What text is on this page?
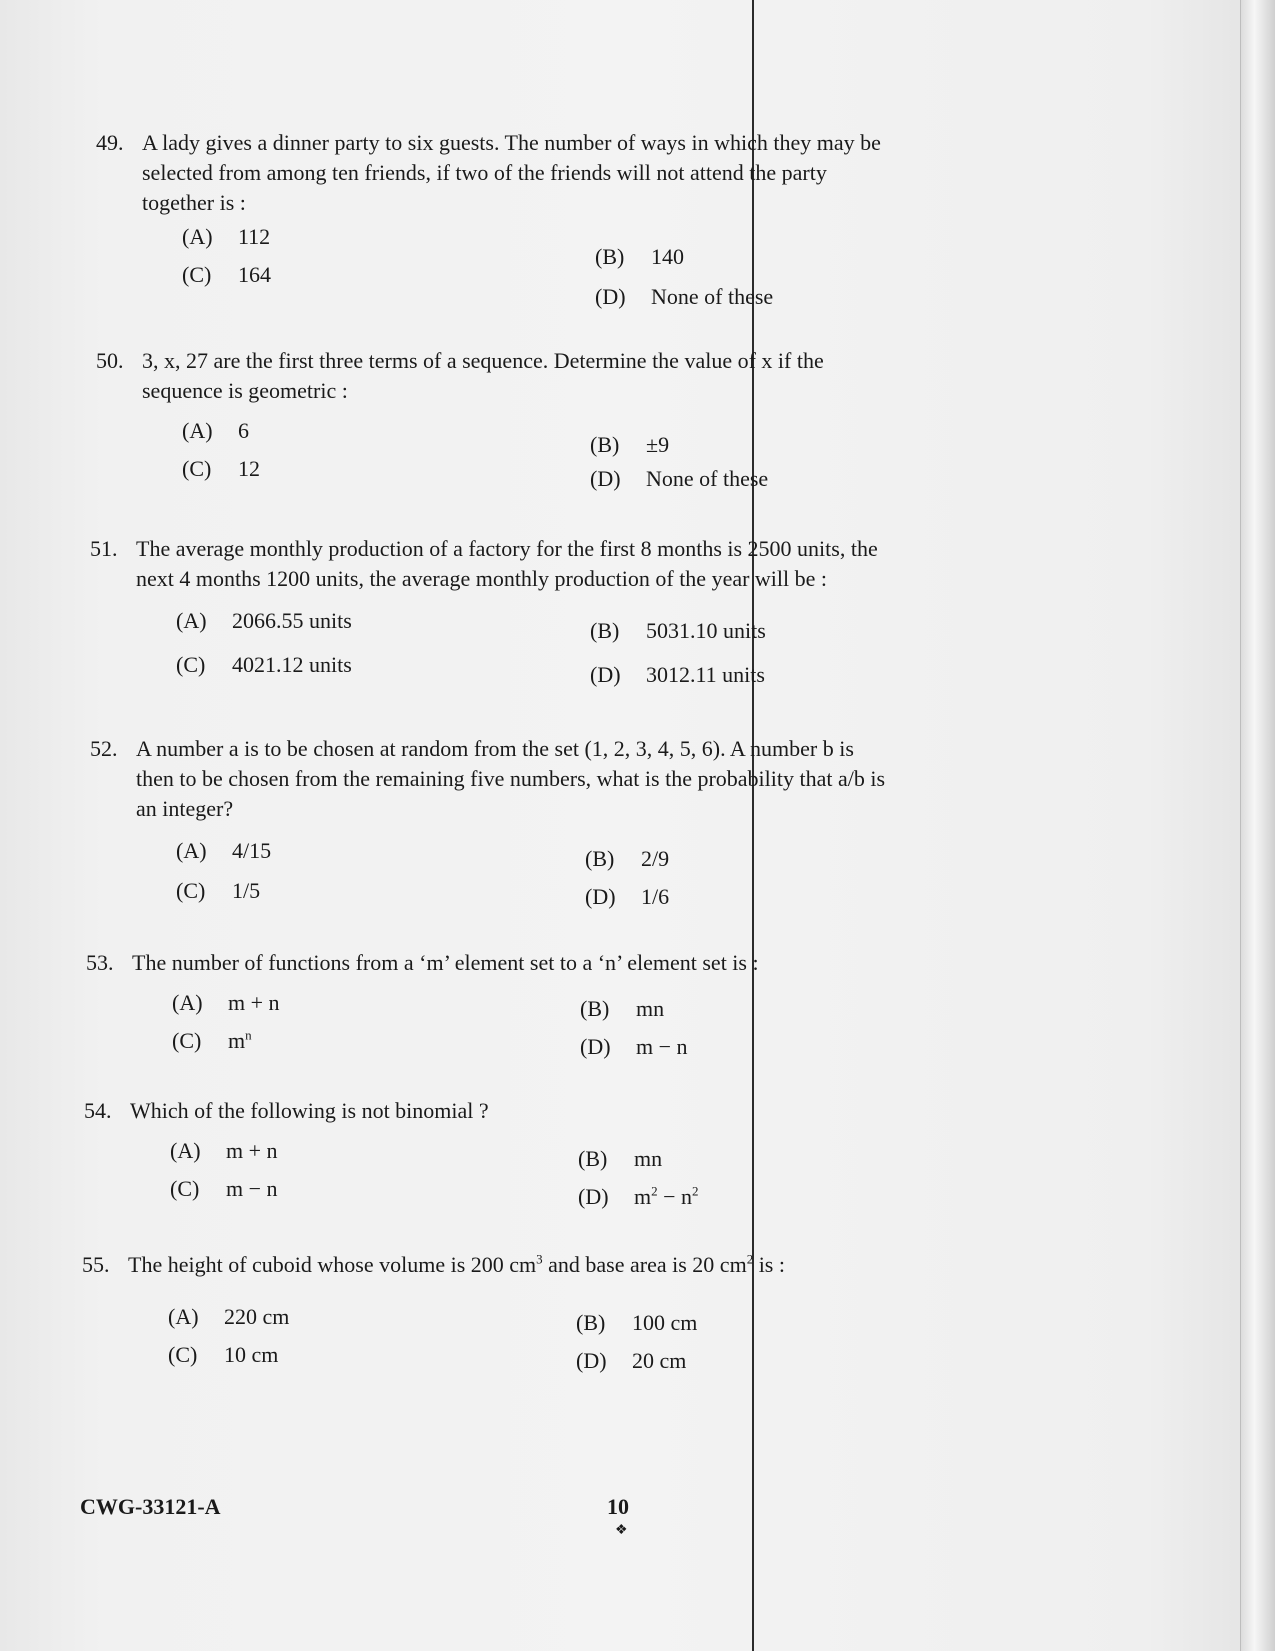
49. A lady gives a dinner party to six guests. The number of ways in which they may be selected from among ten friends, if two of the friends will not attend the party together is :
(A) 112
(B) 140
(C) 164
(D) None of these
50. 3, x, 27 are the first three terms of a sequence. Determine the value of x if the sequence is geometric :
(A) 6
(B) ±9
(C) 12	(D) None of these
51. The average monthly production of a factory for the first 8 months is 2500 units, the next 4 months 1200 units, the average monthly production of the year will be :
(A) 2066.55 units	(B) 5031.10 units
(C) 4021.12 units	(D) 3012.11 units
52. A number a is to be chosen at random from the set (1, 2, 3, 4, 5, 6). A number b is then to be chosen from the remaining five numbers, what is the probability that a/b is an integer?
(A) 4/15	(B) 2/9
(C) 1/5	(D) 1/6
53. The number of functions from a ‘m’ element set to a ‘n’ element set is :
(A) m + n	(B) mn
(C) $m^n$	(D) m − n
54. Which of the following is not binomial ?
(A) m + n	(B) mn
(C) m − n	(D) $m^2 - n^2$
55. The height of cuboid whose volume is 200 $cm^3$ and base area is 20 $cm^2$ is :
(A) 220 cm	(B) 100 cm
(C) 10 cm	(D) 20 cm
CWG-33121-A	10
❖
